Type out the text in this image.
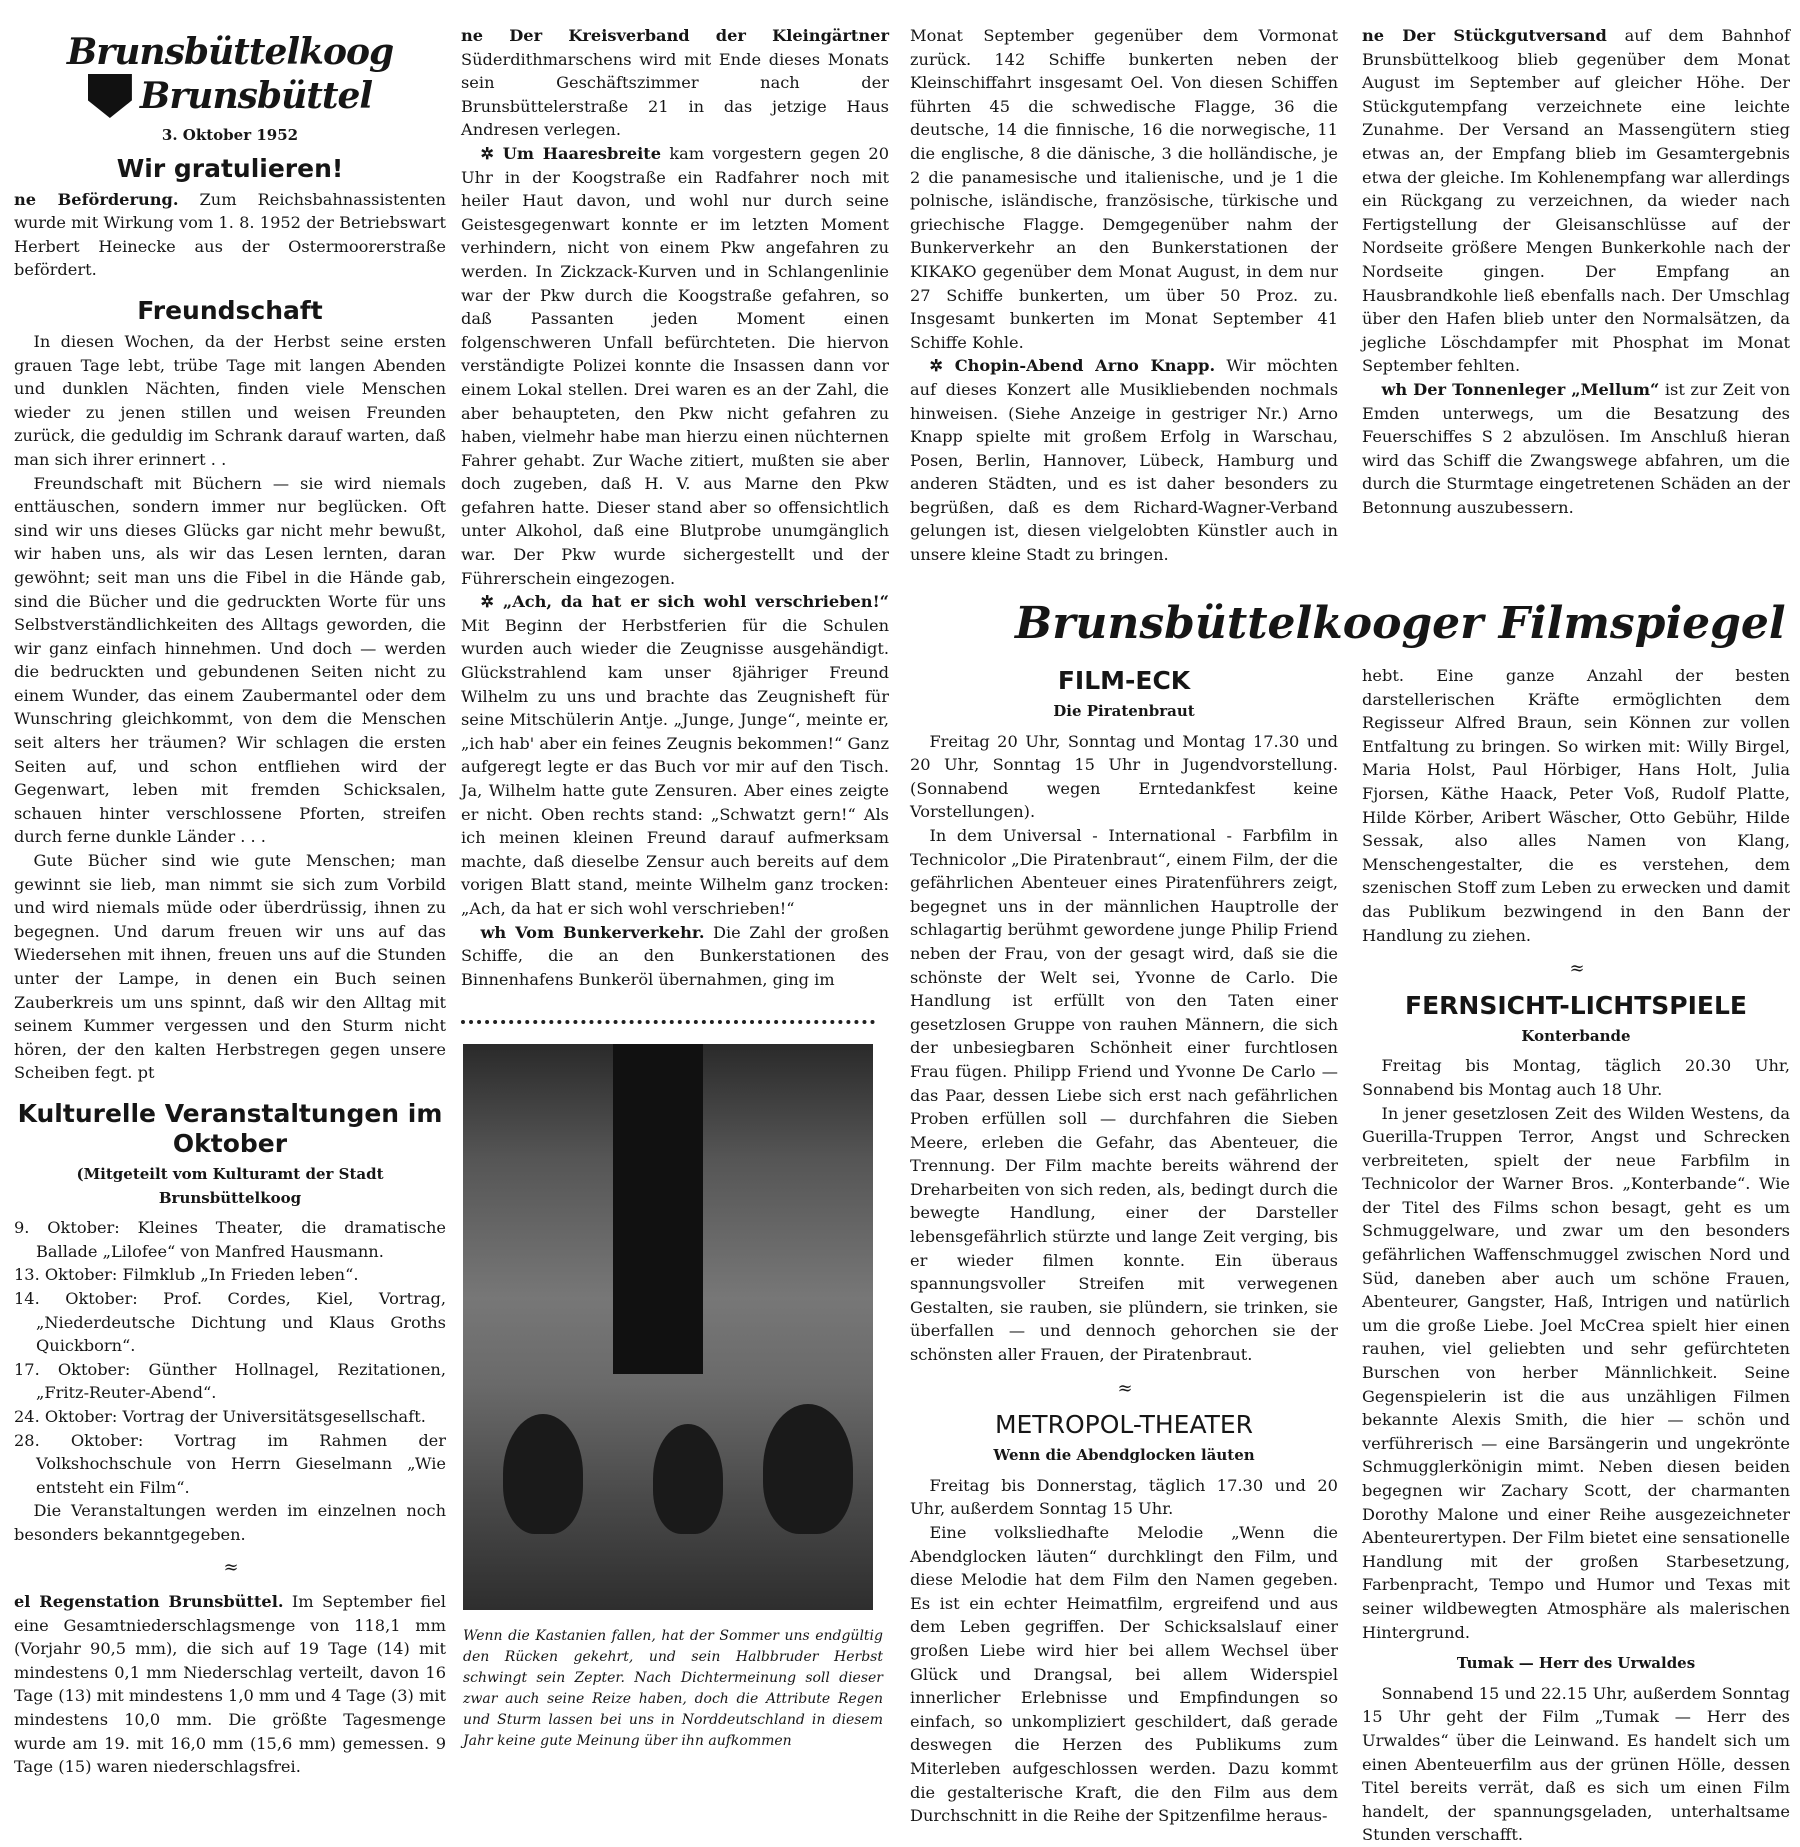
Brunsbüttelkoog
Brunsbüttel
3. Oktober 1952
Wir gratulieren!

ne Beförderung. Zum Reichsbahnassistenten wurde mit Wirkung vom 1. 8. 1952 der Betriebswart Herbert Heinecke aus der Ostermoorerstraße befördert.

Freundschaft

In diesen Wochen, da der Herbst seine ersten grauen Tage lebt, trübe Tage mit langen Abenden und dunklen Nächten, finden viele Menschen wieder zu jenen stillen und weisen Freunden zurück, die geduldig im Schrank darauf warten, daß man sich ihrer erinnert . .

Freundschaft mit Büchern — sie wird niemals enttäuschen, sondern immer nur beglücken. Oft sind wir uns dieses Glücks gar nicht mehr bewußt, wir haben uns, als wir das Lesen lernten, daran gewöhnt; seit man uns die Fibel in die Hände gab, sind die Bücher und die gedruckten Worte für uns Selbstverständlichkeiten des Alltags geworden, die wir ganz einfach hinnehmen. Und doch — werden die bedruckten und gebundenen Seiten nicht zu einem Wunder, das einem Zaubermantel oder dem Wunschring gleichkommt, von dem die Menschen seit alters her träumen? Wir schlagen die ersten Seiten auf, und schon entfliehen wird der Gegenwart, leben mit fremden Schicksalen, schauen hinter verschlossene Pforten, streifen durch ferne dunkle Länder . . .

Gute Bücher sind wie gute Menschen; man gewinnt sie lieb, man nimmt sie sich zum Vorbild und wird niemals müde oder überdrüssig, ihnen zu begegnen. Und darum freuen wir uns auf das Wiedersehen mit ihnen, freuen uns auf die Stunden unter der Lampe, in denen ein Buch seinen Zauberkreis um uns spinnt, daß wir den Alltag mit seinem Kummer vergessen und den Sturm nicht hören, der den kalten Herbstregen gegen unsere Scheiben fegt. pt

Kulturelle Veranstaltungen im Oktober
(Mitgeteilt vom Kulturamt der Stadt Brunsbüttelkoog
9. Oktober: Kleines Theater, die dramatische Ballade „Lilofee“ von Manfred Hausmann.
13. Oktober: Filmklub „In Frieden leben“.
14. Oktober: Prof. Cordes, Kiel, Vortrag, „Niederdeutsche Dichtung und Klaus Groths Quickborn“.
17. Oktober: Günther Hollnagel, Rezitationen, „Fritz-Reuter-Abend“.
24. Oktober: Vortrag der Universitätsgesellschaft.
28. Oktober: Vortrag im Rahmen der Volkshochschule von Herrn Gieselmann „Wie entsteht ein Film“.

Die Veranstaltungen werden im einzelnen noch besonders bekanntgegeben.

≈

el Regenstation Brunsbüttel. Im September fiel eine Gesamtniederschlagsmenge von 118,1 mm (Vorjahr 90,5 mm), die sich auf 19 Tage (14) mit mindestens 0,1 mm Niederschlag verteilt, davon 16 Tage (13) mit mindestens 1,0 mm und 4 Tage (3) mit mindestens 10,0 mm. Die größte Tagesmenge wurde am 19. mit 16,0 mm (15,6 mm) gemessen. 9 Tage (15) waren niederschlagsfrei.

ne Der Kreisverband der Kleingärtner Süderdithmarschens wird mit Ende dieses Monats sein Geschäftszimmer nach der Brunsbüttelerstraße 21 in das jetzige Haus Andresen verlegen.

✲ Um Haaresbreite kam vorgestern gegen 20 Uhr in der Koogstraße ein Radfahrer noch mit heiler Haut davon, und wohl nur durch seine Geistesgegenwart konnte er im letzten Moment verhindern, nicht von einem Pkw angefahren zu werden. In Zickzack-Kurven und in Schlangenlinie war der Pkw durch die Koogstraße gefahren, so daß Passanten jeden Moment einen folgenschweren Unfall befürchteten. Die hiervon verständigte Polizei konnte die Insassen dann vor einem Lokal stellen. Drei waren es an der Zahl, die aber behaupteten, den Pkw nicht gefahren zu haben, vielmehr habe man hierzu einen nüchternen Fahrer gehabt. Zur Wache zitiert, mußten sie aber doch zugeben, daß H. V. aus Marne den Pkw gefahren hatte. Dieser stand aber so offensichtlich unter Alkohol, daß eine Blutprobe unumgänglich war. Der Pkw wurde sichergestellt und der Führerschein eingezogen.

✲ „Ach, da hat er sich wohl verschrieben!“ Mit Beginn der Herbstferien für die Schulen wurden auch wieder die Zeugnisse ausgehändigt. Glückstrahlend kam unser 8jähriger Freund Wilhelm zu uns und brachte das Zeugnisheft für seine Mitschülerin Antje. „Junge, Junge“, meinte er, „ich hab' aber ein feines Zeugnis bekommen!“ Ganz aufgeregt legte er das Buch vor mir auf den Tisch. Ja, Wilhelm hatte gute Zensuren. Aber eines zeigte er nicht. Oben rechts stand: „Schwatzt gern!“ Als ich meinen kleinen Freund darauf aufmerksam machte, daß dieselbe Zensur auch bereits auf dem vorigen Blatt stand, meinte Wilhelm ganz trocken: „Ach, da hat er sich wohl verschrieben!“

wh Vom Bunkerverkehr. Die Zahl der großen Schiffe, die an den Bunkerstationen des Binnenhafens Bunkeröl übernahmen, ging im

Wenn die Kastanien fallen, hat der Sommer uns endgültig den Rücken gekehrt, und sein Halbbruder Herbst schwingt sein Zepter. Nach Dichtermeinung soll dieser zwar auch seine Reize haben, doch die Attribute Regen und Sturm lassen bei uns in Norddeutschland in diesem Jahr keine gute Meinung über ihn aufkommen

Monat September gegenüber dem Vormonat zurück. 142 Schiffe bunkerten neben der Kleinschiffahrt insgesamt Oel. Von diesen Schiffen führten 45 die schwedische Flagge, 36 die deutsche, 14 die finnische, 16 die norwegische, 11 die englische, 8 die dänische, 3 die holländische, je 2 die panamesische und italienische, und je 1 die polnische, isländische, französische, türkische und griechische Flagge. Demgegenüber nahm der Bunkerverkehr an den Bunkerstationen der KIKAKO gegenüber dem Monat August, in dem nur 27 Schiffe bunkerten, um über 50 Proz. zu. Insgesamt bunkerten im Monat September 41 Schiffe Kohle.

✲ Chopin-Abend Arno Knapp. Wir möchten auf dieses Konzert alle Musikliebenden nochmals hinweisen. (Siehe Anzeige in gestriger Nr.) Arno Knapp spielte mit großem Erfolg in Warschau, Posen, Berlin, Hannover, Lübeck, Hamburg und anderen Städten, und es ist daher besonders zu begrüßen, daß es dem Richard-Wagner-Verband gelungen ist, diesen vielgelobten Künstler auch in unsere kleine Stadt zu bringen.

ne Der Stückgutversand auf dem Bahnhof Brunsbüttelkoog blieb gegenüber dem Monat August im September auf gleicher Höhe. Der Stückgutempfang verzeichnete eine leichte Zunahme. Der Versand an Massengütern stieg etwas an, der Empfang blieb im Gesamtergebnis etwa der gleiche. Im Kohlenempfang war allerdings ein Rückgang zu verzeichnen, da wieder nach Fertigstellung der Gleisanschlüsse auf der Nordseite größere Mengen Bunkerkohle nach der Nordseite gingen. Der Empfang an Hausbrandkohle ließ ebenfalls nach. Der Umschlag über den Hafen blieb unter den Normalsätzen, da jegliche Löschdampfer mit Phosphat im Monat September fehlten.

wh Der Tonnenleger „Mellum“ ist zur Zeit von Emden unterwegs, um die Besatzung des Feuerschiffes S 2 abzulösen. Im Anschluß hieran wird das Schiff die Zwangswege abfahren, um die durch die Sturmtage eingetretenen Schäden an der Betonnung auszubessern.

Brunsbüttelkooger Filmspiegel
FILM-ECK
Die Piratenbraut

Freitag 20 Uhr, Sonntag und Montag 17.30 und 20 Uhr, Sonntag 15 Uhr in Jugendvorstellung. (Sonnabend wegen Erntedankfest keine Vorstellungen).

In dem Universal - International - Farbfilm in Technicolor „Die Piratenbraut“, einem Film, der die gefährlichen Abenteuer eines Piratenführers zeigt, begegnet uns in der männlichen Hauptrolle der schlagartig berühmt gewordene junge Philip Friend neben der Frau, von der gesagt wird, daß sie die schönste der Welt sei, Yvonne de Carlo. Die Handlung ist erfüllt von den Taten einer gesetzlosen Gruppe von rauhen Männern, die sich der unbesiegbaren Schönheit einer furchtlosen Frau fügen. Philipp Friend und Yvonne De Carlo — das Paar, dessen Liebe sich erst nach gefährlichen Proben erfüllen soll — durchfahren die Sieben Meere, erleben die Gefahr, das Abenteuer, die Trennung. Der Film machte bereits während der Dreharbeiten von sich reden, als, bedingt durch die bewegte Handlung, einer der Darsteller lebensgefährlich stürzte und lange Zeit verging, bis er wieder filmen konnte. Ein überaus spannungsvoller Streifen mit verwegenen Gestalten, sie rauben, sie plündern, sie trinken, sie überfallen — und dennoch gehorchen sie der schönsten aller Frauen, der Piratenbraut.

≈
METROPOL-THEATER
Wenn die Abendglocken läuten

Freitag bis Donnerstag, täglich 17.30 und 20 Uhr, außerdem Sonntag 15 Uhr.

Eine volksliedhafte Melodie „Wenn die Abendglocken läuten“ durchklingt den Film, und diese Melodie hat dem Film den Namen gegeben. Es ist ein echter Heimatfilm, ergreifend und aus dem Leben gegriffen. Der Schicksalslauf einer großen Liebe wird hier bei allem Wechsel über Glück und Drangsal, bei allem Widerspiel innerlicher Erlebnisse und Empfindungen so einfach, so unkompliziert geschildert, daß gerade deswegen die Herzen des Publikums zum Miterleben aufgeschlossen werden. Dazu kommt die gestalterische Kraft, die den Film aus dem Durchschnitt in die Reihe der Spitzenfilme heraus-

hebt. Eine ganze Anzahl der besten darstellerischen Kräfte ermöglichten dem Regisseur Alfred Braun, sein Können zur vollen Entfaltung zu bringen. So wirken mit: Willy Birgel, Maria Holst, Paul Hörbiger, Hans Holt, Julia Fjorsen, Käthe Haack, Peter Voß, Rudolf Platte, Hilde Körber, Aribert Wäscher, Otto Gebühr, Hilde Sessak, also alles Namen von Klang, Menschengestalter, die es verstehen, dem szenischen Stoff zum Leben zu erwecken und damit das Publikum bezwingend in den Bann der Handlung zu ziehen.

≈
FERNSICHT-LICHTSPIELE
Konterbande

Freitag bis Montag, täglich 20.30 Uhr, Sonnabend bis Montag auch 18 Uhr.

In jener gesetzlosen Zeit des Wilden Westens, da Guerilla-Truppen Terror, Angst und Schrecken verbreiteten, spielt der neue Farbfilm in Technicolor der Warner Bros. „Konterbande“. Wie der Titel des Films schon besagt, geht es um Schmuggelware, und zwar um den besonders gefährlichen Waffenschmuggel zwischen Nord und Süd, daneben aber auch um schöne Frauen, Abenteurer, Gangster, Haß, Intrigen und natürlich um die große Liebe. Joel McCrea spielt hier einen rauhen, viel geliebten und sehr gefürchteten Burschen von herber Männlichkeit. Seine Gegenspielerin ist die aus unzähligen Filmen bekannte Alexis Smith, die hier — schön und verführerisch — eine Barsängerin und ungekrönte Schmugglerkönigin mimt. Neben diesen beiden begegnen wir Zachary Scott, der charmanten Dorothy Malone und einer Reihe ausgezeichneter Abenteurertypen. Der Film bietet eine sensationelle Handlung mit der großen Starbesetzung, Farbenpracht, Tempo und Humor und Texas mit seiner wildbewegten Atmosphäre als malerischen Hintergrund.

Tumak — Herr des Urwaldes

Sonnabend 15 und 22.15 Uhr, außerdem Sonntag 15 Uhr geht der Film „Tumak — Herr des Urwaldes“ über die Leinwand. Es handelt sich um einen Abenteuerfilm aus der grünen Hölle, dessen Titel bereits verrät, daß es sich um einen Film handelt, der spannungsgeladen, unterhaltsame Stunden verschafft.
